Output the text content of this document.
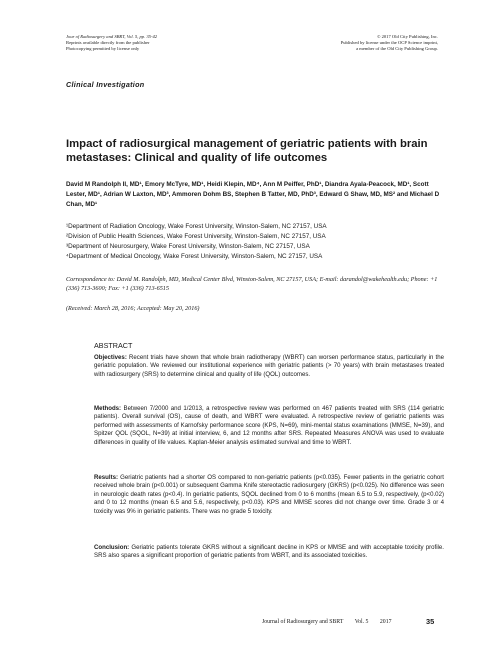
Jour of Radiosurgery and SBRT, Vol. 5, pp. 35-42
Reprints available directly from the publisher
Photocopying permitted by license only
© 2017 Old City Publishing, Inc.
Published by license under the OCP Science imprint,
a member of the Old City Publishing Group.
Clinical Investigation
Impact of radiosurgical management of geriatric patients with brain metastases: Clinical and quality of life outcomes
David M Randolph II, MD¹, Emory McTyre, MD¹, Heidi Klepin, MD⁴, Ann M Peiffer, PhD¹, Diandra Ayala-Peacock, MD¹, Scott Lester, MD¹, Adrian W Laxton, MD³, Ammoren Dohm BS, Stephen B Tatter, MD, PhD³, Edward G Shaw, MD, MS² and Michael D Chan, MD¹
¹Department of Radiation Oncology, Wake Forest University, Winston-Salem, NC 27157, USA
²Division of Public Health Sciences, Wake Forest University, Winston-Salem, NC 27157, USA
³Department of Neurosurgery, Wake Forest University, Winston-Salem, NC 27157, USA
⁴Department of Medical Oncology, Wake Forest University, Winston-Salem, NC 27157, USA
Correspondence to: David M. Randolph, MD, Medical Center Blvd, Winston-Salem, NC 27157, USA; E-mail: darandol@wakehealth.edu; Phone: +1 (336) 713-3600; Fax: +1 (336) 713-6515
(Received: March 28, 2016; Accepted: May 20, 2016)
ABSTRACT

Objectives: Recent trials have shown that whole brain radiotherapy (WBRT) can worsen performance status, particularly in the geriatric population. We reviewed our institutional experience with geriatric patients (> 70 years) with brain metastases treated with radiosurgery (SRS) to determine clinical and quality of life (QOL) outcomes.

Methods: Between 7/2000 and 1/2013, a retrospective review was performed on 467 patients treated with SRS (114 geriatric patients). Overall survival (OS), cause of death, and WBRT were evaluated. A retrospective review of geriatric patients was performed with assessments of Karnofsky performance score (KPS, N=69), mini-mental status examinations (MMSE, N=39), and Spitzer QOL (SQOL, N=39) at initial interview, 6, and 12 months after SRS. Repeated Measures ANOVA was used to evaluate differences in quality of life values. Kaplan-Meier analysis estimated survival and time to WBRT.

Results: Geriatric patients had a shorter OS compared to non-geriatric patients (p<0.035). Fewer patients in the geriatric cohort received whole brain (p<0.001) or subsequent Gamma Knife stereotactic radiosurgery (GKRS) (p<0.025). No difference was seen in neurologic death rates (p<0.4). In geriatric patients, SQOL declined from 0 to 6 months (mean 6.5 to 5.9, respectively, (p<0.02) and 0 to 12 months (mean 6.5 and 5.6, respectively, p<0.03). KPS and MMSE scores did not change over time. Grade 3 or 4 toxicity was 9% in geriatric patients. There was no grade 5 toxicity.

Conclusion: Geriatric patients tolerate GKRS without a significant decline in KPS or MMSE and with acceptable toxicity profile. SRS also spares a significant proportion of geriatric patients from WBRT, and its associated toxicities.

Journal of Radiosurgery and SBRT Vol. 5 2017	35
